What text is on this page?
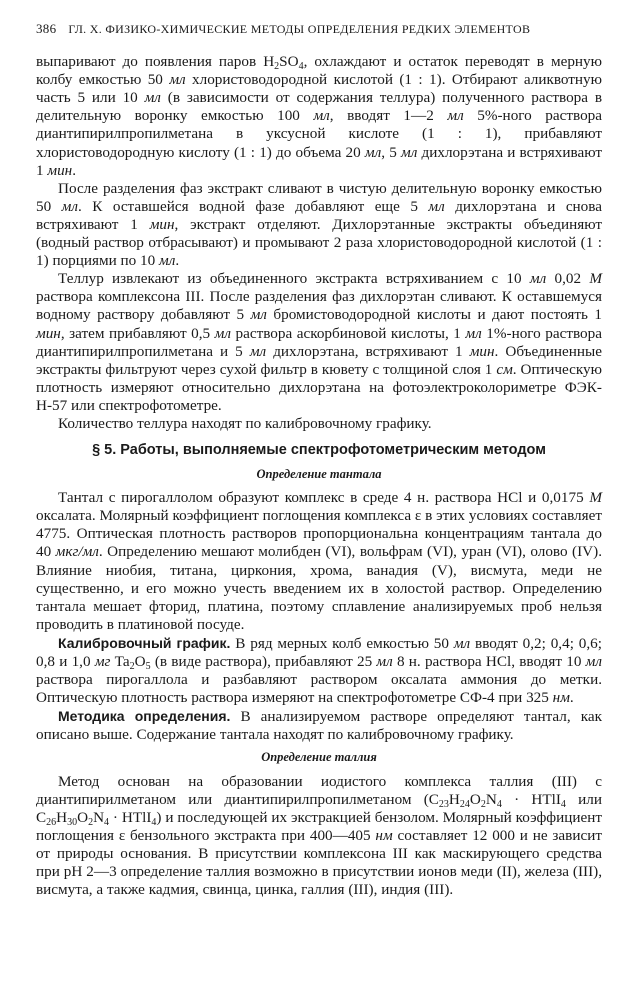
386 ГЛ. X. ФИЗИКО-ХИМИЧЕСКИЕ МЕТОДЫ ОПРЕДЕЛЕНИЯ РЕДКИХ ЭЛЕМЕНТОВ

выпаривают до появления паров $H_2SO_4$, охлаждают и остаток переводят в мерную колбу емкостью 50 мл хлористоводородной кислотой (1 : 1). Отбирают аликвотную часть 5 или 10 мл (в зависимости от содержания теллура) полученного раствора в делительную воронку емкостью 100 мл, вводят 1—2 мл 5%-ного раствора диантипирилпропилметана в уксусной кислоте (1 : 1), прибавляют хлористоводородную кислоту (1 : 1) до объема 20 мл, 5 мл дихлорэтана и встряхивают 1 мин.

После разделения фаз экстракт сливают в чистую делительную воронку емкостью 50 мл. К оставшейся водной фазе добавляют еще 5 мл дихлорэтана и снова встряхивают 1 мин, экстракт отделяют. Дихлорэтанные экстракты объединяют (водный раствор отбрасывают) и промывают 2 раза хлористоводородной кислотой (1 : 1) порциями по 10 мл.

Теллур извлекают из объединенного экстракта встряхиванием с 10 мл 0,02 М раствора комплексона III. После разделения фаз дихлорэтан сливают. К оставшемуся водному раствору добавляют 5 мл бромистоводородной кислоты и дают постоять 1 мин, затем прибавляют 0,5 мл раствора аскорбиновой кислоты, 1 мл 1%-ного раствора диантипирилпропилметана и 5 мл дихлорэтана, встряхивают 1 мин. Объединенные экстракты фильтруют через сухой фильтр в кювету с толщиной слоя 1 см. Оптическую плотность измеряют относительно дихлорэтана на фотоэлектроколориметре ФЭК-Н-57 или спектрофотометре.

Количество теллура находят по калибровочному графику.

§ 5. Работы, выполняемые спектрофотометрическим методом
Определение тантала

Тантал с пирогаллолом образуют комплекс в среде 4 н. раствора HCl и 0,0175 М оксалата. Молярный коэффициент поглощения комплекса ε в этих условиях составляет 4775. Оптическая плотность растворов пропорциональна концентрациям тантала до 40 мкг/мл. Определению мешают молибден (VI), вольфрам (VI), уран (VI), олово (IV). Влияние ниобия, титана, циркония, хрома, ванадия (V), висмута, меди не существенно, и его можно учесть введением их в холостой раствор. Определению тантала мешает фторид, платина, поэтому сплавление анализируемых проб нельзя проводить в платиновой посуде.

Калибровочный график. В ряд мерных колб емкостью 50 мл вводят 0,2; 0,4; 0,6; 0,8 и 1,0 мг $Ta_2O_5$ (в виде раствора), прибавляют 25 мл 8 н. раствора HCl, вводят 10 мл раствора пирогаллола и разбавляют раствором оксалата аммония до метки. Оптическую плотность раствора измеряют на спектрофотометре СФ-4 при 325 нм.

Методика определения. В анализируемом растворе определяют тантал, как описано выше. Содержание тантала находят по калибровочному графику.

Определение таллия

Метод основан на образовании иодистого комплекса таллия (III) с диантипирилметаном или диантипирилпропилметаном ($C_{23}H_{24}O_2N_4$ · HTlI$_4$ или $C_{26}H_{30}O_2N_4$ · HTlI$_4$) и последующей их экстракцией бензолом. Молярный коэффициент поглощения ε бензольного экстракта при 400—405 нм составляет 12 000 и не зависит от природы основания. В присутствии комплексона III как маскирующего средства при pH 2—3 определение таллия возможно в присутствии ионов меди (II), железа (III), висмута, а также кадмия, свинца, цинка, галлия (III), индия (III).
